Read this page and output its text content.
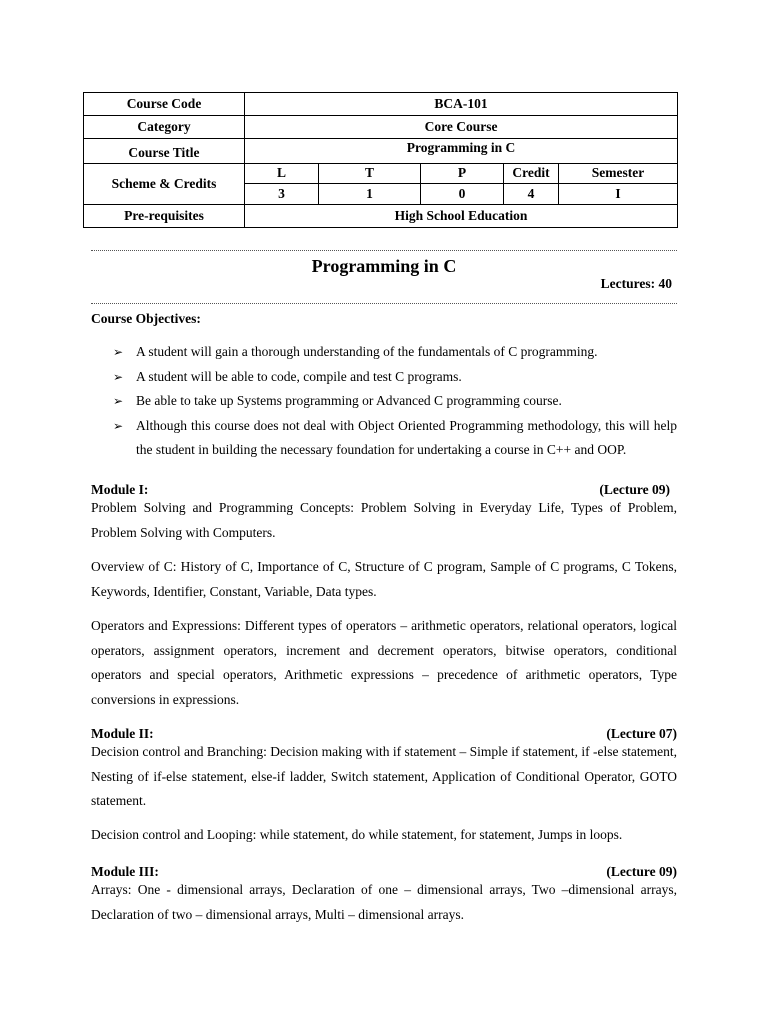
Course Code	BCA-101				
Category	Core Course				
Course Title	Programming in C				
Scheme & Credits	L	T	P	Credit	Semester
	3	1	0	4	I
Pre-requisites	High School Education				
Programming in C
Lectures: 40
Course Objectives:
➢ A student will gain a thorough understanding of the fundamentals of C programming.
➢ A student will be able to code, compile and test C programs.
➢ Be able to take up Systems programming or Advanced C programming course.
➢ Although this course does not deal with Object Oriented Programming methodology, this will help the student in building the necessary foundation for undertaking a course in C++ and OOP.
Module I:	(Lecture 09)

Problem Solving and Programming Concepts: Problem Solving in Everyday Life, Types of Problem, Problem Solving with Computers.

Overview of C: History of C, Importance of C, Structure of C program, Sample of C programs, C Tokens, Keywords, Identifier, Constant, Variable, Data types.

Operators and Expressions: Different types of operators – arithmetic operators, relational operators, logical operators, assignment operators, increment and decrement operators, bitwise operators, conditional operators and special operators, Arithmetic expressions – precedence of arithmetic operators, Type conversions in expressions.

Module II:	(Lecture 07)

Decision control and Branching: Decision making with if statement – Simple if statement, if -else statement, Nesting of if-else statement, else-if ladder, Switch statement, Application of Conditional Operator, GOTO statement.

Decision control and Looping: while statement, do while statement, for statement, Jumps in loops.

Module III:	(Lecture 09)

Arrays: One - dimensional arrays, Declaration of one – dimensional arrays, Two –dimensional arrays, Declaration of two – dimensional arrays, Multi – dimensional arrays.
